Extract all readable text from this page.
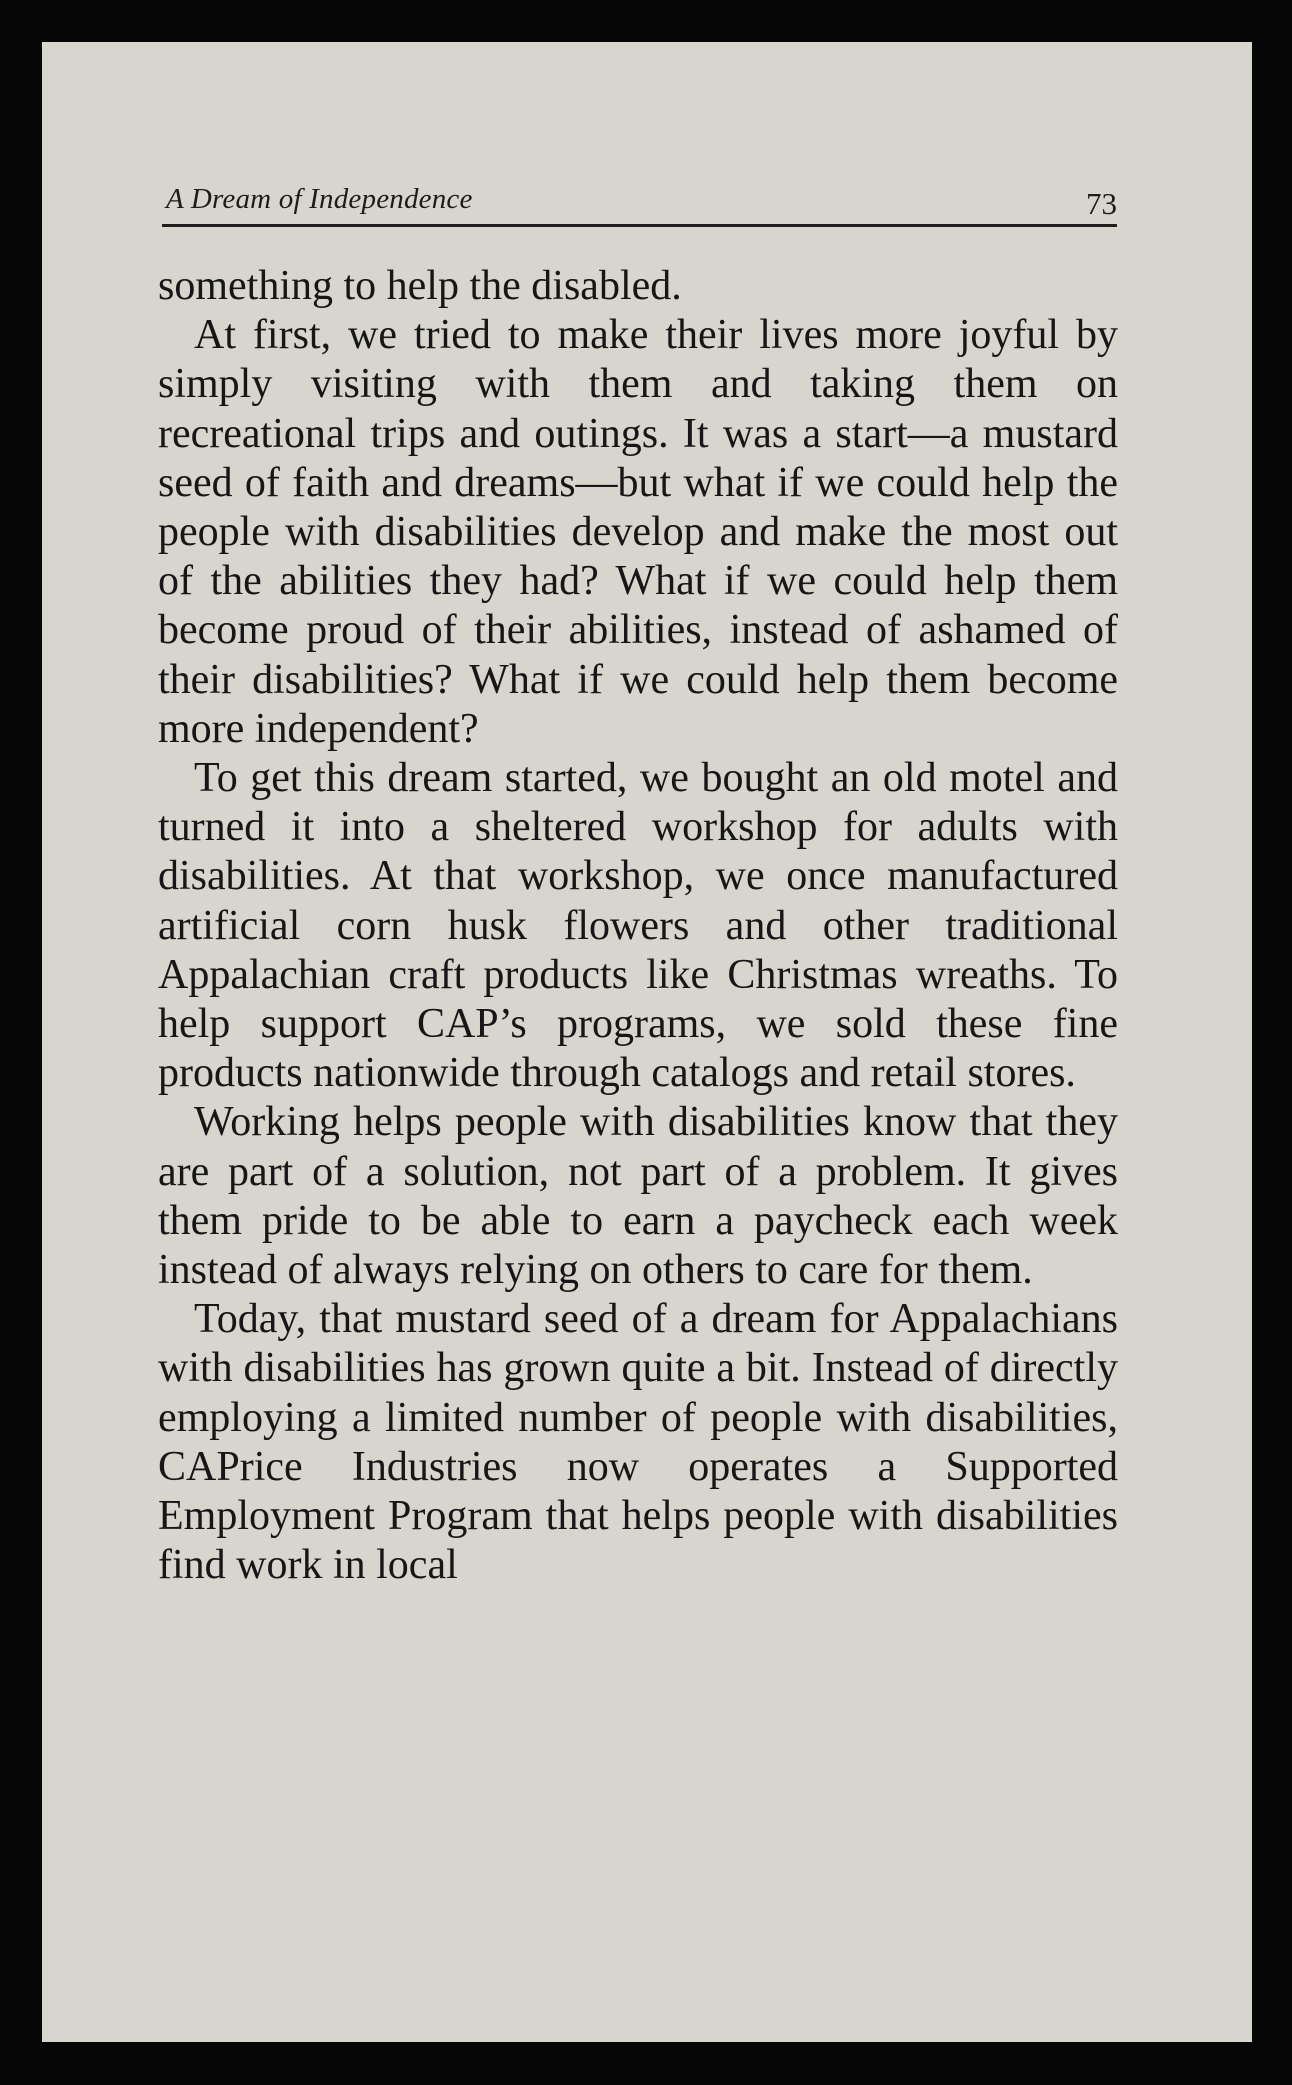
A Dream of Independence	73

something to help the disabled.

At first, we tried to make their lives more joyful by simply visiting with them and taking them on recreational trips and outings. It was a start—a mustard seed of faith and dreams—but what if we could help the people with disabilities develop and make the most out of the abilities they had? What if we could help them become proud of their abilities, instead of ashamed of their disabilities? What if we could help them become more independent?

To get this dream started, we bought an old motel and turned it into a sheltered workshop for adults with disabilities. At that workshop, we once manufactured artificial corn husk flowers and other traditional Appalachian craft products like Christmas wreaths. To help support CAP’s programs, we sold these fine products nationwide through catalogs and retail stores.

Working helps people with disabilities know that they are part of a solution, not part of a problem. It gives them pride to be able to earn a paycheck each week instead of always relying on others to care for them.

Today, that mustard seed of a dream for Appalachians with disabilities has grown quite a bit. Instead of directly employing a limited number of people with disabilities, CAPrice Industries now operates a Supported Employment Program that helps people with disabilities find work in local
